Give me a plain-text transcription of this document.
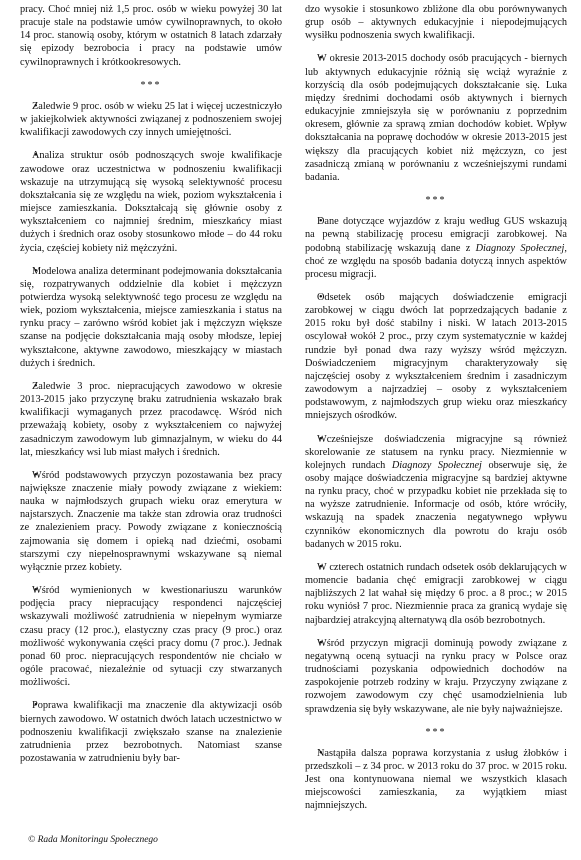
pracy. Choć mniej niż 1,5 proc. osób w wieku powyżej 30 lat pracuje stale na podstawie umów cywilnoprawnych, to około 14 proc. stanowią osoby, którym w ostatnich 8 latach zdarzały się epizody bezrobocia i pracy na podstawie umów cywilnoprawnych i krótkookresowych.

***

• Zaledwie 9 proc. osób w wieku 25 lat i więcej uczestniczyło w jakiejkolwiek aktywności związanej z podnoszeniem swojej kwalifikacji zawodowych czy innych umiejętności.

• Analiza struktur osób podnoszących swoje kwalifikacje zawodowe oraz uczestnictwa w podnoszeniu kwalifikacji wskazuje na utrzymującą się wysoką selektywność procesu dokształcania się ze względu na wiek, poziom wykształcenia i miejsce zamieszkania. Dokształcają się głównie osoby z wykształceniem co najmniej średnim, mieszkańcy miast dużych i średnich oraz osoby stosunkowo młode – do 44 roku życia, częściej kobiety niż mężczyźni.

• Modelowa analiza determinant podejmowania dokształcania się, rozpatrywanych oddzielnie dla kobiet i mężczyzn potwierdza wysoką selektywność tego procesu ze względu na wiek, poziom wykształcenia, miejsce zamieszkania i status na rynku pracy – zarówno wśród kobiet jak i mężczyzn większe szanse na podjęcie dokształcania mają osoby młodsze, lepiej wykształcone, aktywne zawodowo, mieszkający w miastach dużych i średnich.

• Zaledwie 3 proc. niepracujących zawodowo w okresie 2013-2015 jako przyczynę braku zatrudnienia wskazało brak kwalifikacji wymaganych przez pracodawcę. Wśród nich przeważają kobiety, osoby z wykształceniem co najwyżej zasadniczym zawodowym lub gimnazjalnym, w wieku do 44 lat, mieszkańcy wsi lub miast małych i średnich.

• Wśród podstawowych przyczyn pozostawania bez pracy największe znaczenie miały powody związane z wiekiem: nauka w najmłodszych grupach wieku oraz emerytura w najstarszych. Znaczenie ma także stan zdrowia oraz trudności ze znalezieniem pracy. Powody związane z koniecznością zajmowania się domem i opieką nad dziećmi, osobami starszymi czy niepełnosprawnymi wskazywane są niemal wyłącznie przez kobiety.

• Wśród wymienionych w kwestionariuszu warunków podjęcia pracy niepracujący respondenci najczęściej wskazywali możliwość zatrudnienia w niepełnym wymiarze czasu pracy (12 proc.), elastyczny czas pracy (9 proc.) oraz możliwość wykonywania części pracy domu (7 proc.). Jednak ponad 60 proc. niepracujących respondentów nie chciało w ogóle pracować, niezależnie od sytuacji czy stwarzanych możliwości.

• Poprawa kwalifikacji ma znaczenie dla aktywizacji osób biernych zawodowo. W ostatnich dwóch latach uczestnictwo w podnoszeniu kwalifikacji zwiększało szanse na znalezienie zatrudnienia przez bezrobotnych. Natomiast szanse pozostawania w zatrudnieniu były bar-

dzo wysokie i stosunkowo zbliżone dla obu porównywanych grup osób – aktywnych edukacyjnie i niepodejmujących wysiłku podnoszenia swych kwalifikacji.

• W okresie 2013-2015 dochody osób pracujących - biernych lub aktywnych edukacyjnie różnią się wciąż wyraźnie z korzyścią dla osób podejmujących dokształcanie się. Luka między średnimi dochodami osób aktywnych i biernych edukacyjnie zmniejszyła się w porównaniu z poprzednim okresem, głównie za sprawą zmian dochodów kobiet. Wpływ dokształcania na poprawę dochodów w okresie 2013-2015 jest większy dla pracujących kobiet niż mężczyzn, co jest zasadniczą zmianą w porównaniu z wcześniejszymi rundami badania.

***

• Dane dotyczące wyjazdów z kraju według GUS wskazują na pewną stabilizację procesu emigracji zarobkowej. Na podobną stabilizację wskazują dane z Diagnozy Społecznej, choć ze względu na sposób badania dotyczą innych aspektów procesu migracji.

• Odsetek osób mających doświadczenie emigracji zarobkowej w ciągu dwóch lat poprzedzających badanie z 2015 roku był dość stabilny i niski. W latach 2013-2015 oscylował wokół 2 proc., przy czym systematycznie w każdej rundzie był ponad dwa razy wyższy wśród mężczyzn. Doświadczeniem migracyjnym charakteryzowały się najczęściej osoby z wykształceniem średnim i zasadniczym zawodowym a najrzadziej – osoby z wykształceniem podstawowym, z najmłodszych grup wieku oraz mieszkańcy mniejszych ośrodków.

• Wcześniejsze doświadczenia migracyjne są również skorelowanie ze statusem na rynku pracy. Niezmiennie w kolejnych rundach Diagnozy Społecznej obserwuje się, że osoby mające doświadczenia migracyjne są bardziej aktywne na rynku pracy, choć w przypadku kobiet nie przekłada się to na wyższe zatrudnienie. Informacje od osób, które wróciły, wskazują na spadek znaczenia negatywnego wpływu czynników ekonomicznych dla powrotu do kraju osób badanych w 2015 roku.

• W czterech ostatnich rundach odsetek osób deklarujących w momencie badania chęć emigracji zarobkowej w ciągu najbliższych 2 lat wahał się między 6 proc. a 8 proc.; w 2015 roku wyniósł 7 proc. Niezmiennie praca za granicą wydaje się najbardziej atrakcyjną alternatywą dla osób bezrobotnych.

• Wśród przyczyn migracji dominują powody związane z negatywną oceną sytuacji na rynku pracy w Polsce oraz trudnościami pozyskania odpowiednich dochodów na zaspokojenie potrzeb rodziny w kraju. Przyczyny związane z rozwojem zawodowym czy chęć usamodzielnienia lub sprawdzenia się były wskazywane, ale nie były najważniejsze.

***

• Nastąpiła dalsza poprawa korzystania z usług żłobków i przedszkoli – z 34 proc. w 2013 roku do 37 proc. w 2015 roku. Jest ona kontynuowana niemal we wszystkich klasach miejscowości zamieszkania, za wyjątkiem miast najmniejszych.

© Rada Monitoringu Społecznego
